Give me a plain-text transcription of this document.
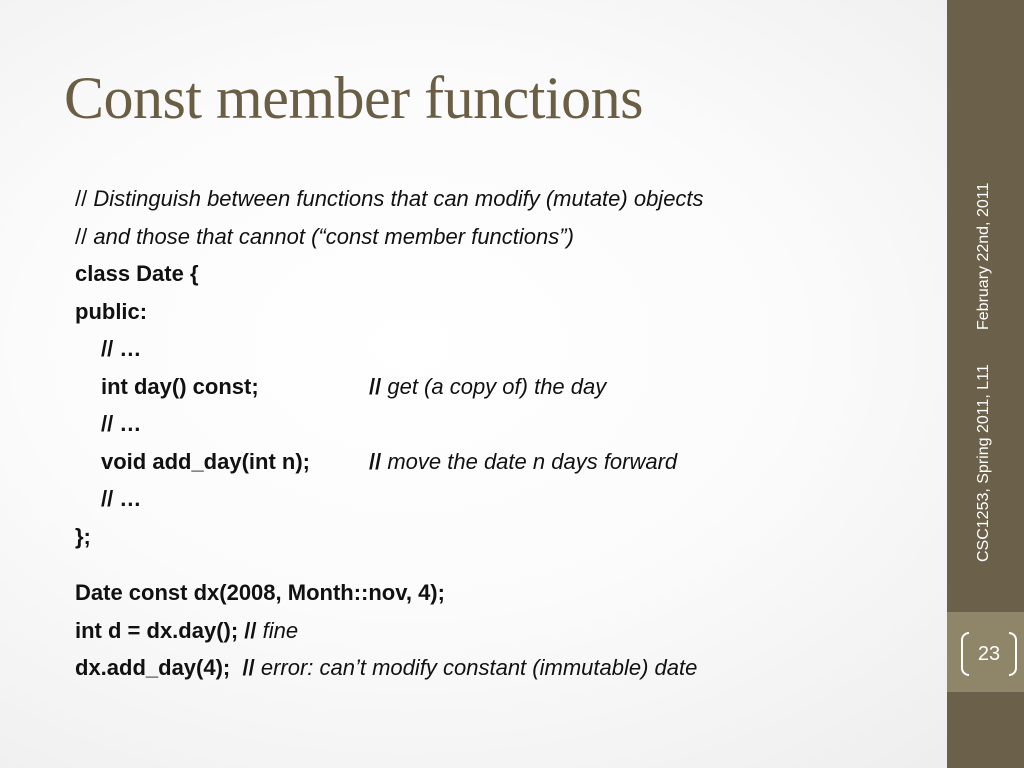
Const member functions
// Distinguish between functions that can modify (mutate) objects
// and those that cannot (“const member functions”)
class Date {
public:
// …
int day() const;	// get (a copy of) the day
// …
void add_day(int n);	// move the date n days forward
// …
};
Date const dx(2008, Month::nov, 4);
int d = dx.day(); // fine
dx.add_day(4);  // error: can’t modify constant (immutable) date
February 22nd, 2011
CSC1253, Spring 2011, L11
23
